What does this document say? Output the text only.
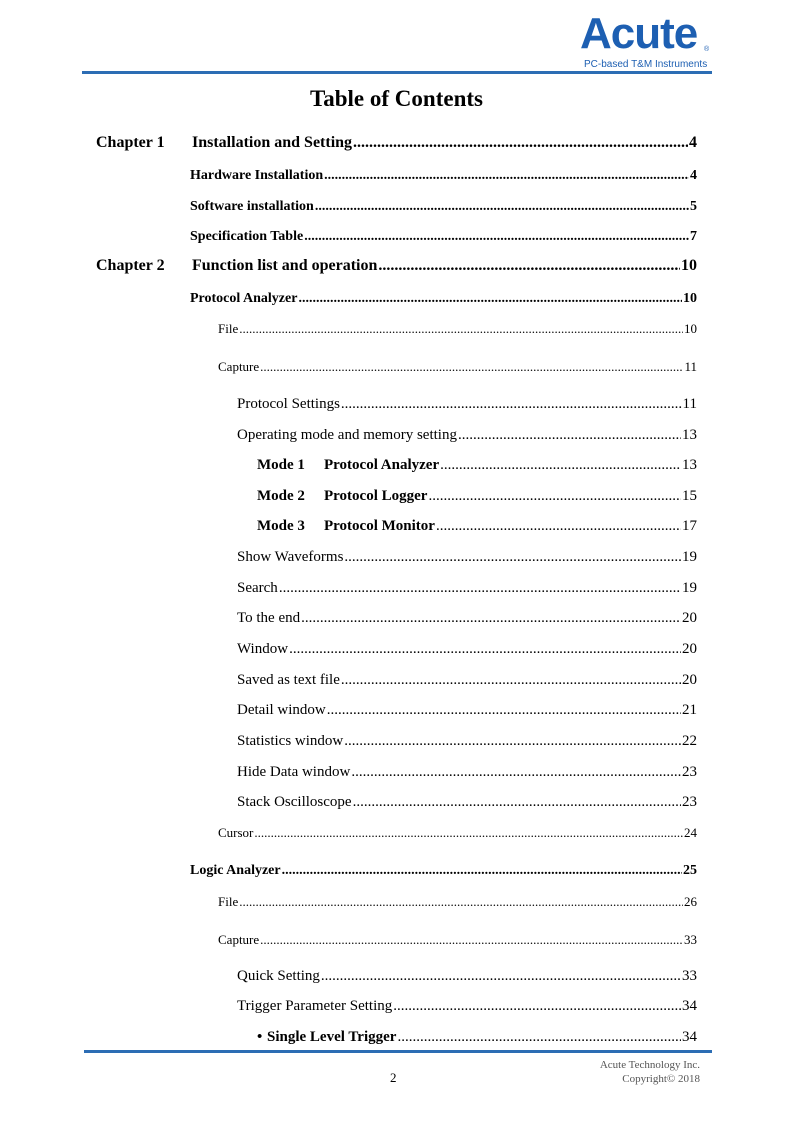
Acute ®
PC-based T&M Instruments
Table of Contents
Chapter 1	Installation and Setting .....	4
Hardware Installation .....	4
Software installation .....	5
Specification Table .....	7
Chapter 2	Function list and operation .....	10
Protocol Analyzer .....	10
File .....	10
Capture .....	11
Protocol Settings .....	11
Operating mode and memory setting .....	13
Mode 1	Protocol Analyzer .....	13
Mode 2	Protocol Logger .....	15
Mode 3	Protocol Monitor .....	17
Show Waveforms .....	19
Search .....	19
To the end .....	20
Window .....	20
Saved as text file .....	20
Detail window .....	21
Statistics window .....	22
Hide Data window .....	23
Stack Oscilloscope .....	23
Cursor .....	24
Logic Analyzer .....	25
File .....	26
Capture .....	33
Quick Setting .....	33
Trigger Parameter Setting .....	34
• Single Level Trigger .....	34
2
Acute Technology Inc.
Copyright© 2018
